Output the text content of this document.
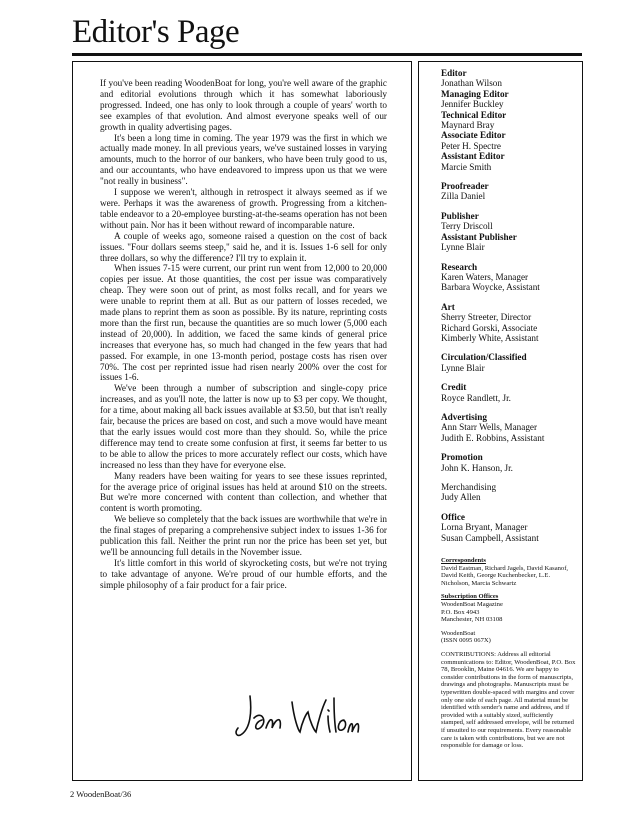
Editor's Page

If you've been reading WoodenBoat for long, you're well aware of the graphic and editorial evolutions through which it has somewhat laboriously progressed. Indeed, one has only to look through a couple of years' worth to see examples of that evolution. And almost everyone speaks well of our growth in quality advertising pages.

It's been a long time in coming. The year 1979 was the first in which we actually made money. In all previous years, we've sustained losses in varying amounts, much to the horror of our bankers, who have been truly good to us, and our accountants, who have endeavored to impress upon us that we were "not really in business".

I suppose we weren't, although in retrospect it always seemed as if we were. Perhaps it was the awareness of growth. Progressing from a kitchen-table endeavor to a 20-employee bursting-at-the-seams operation has not been without pain. Nor has it been without reward of incomparable nature.

A couple of weeks ago, someone raised a question on the cost of back issues. "Four dollars seems steep," said he, and it is. Issues 1-6 sell for only three dollars, so why the difference? I'll try to explain it.

When issues 7-15 were current, our print run went from 12,000 to 20,000 copies per issue. At those quantities, the cost per issue was comparatively cheap. They were soon out of print, as most folks recall, and for years we were unable to reprint them at all. But as our pattern of losses receded, we made plans to reprint them as soon as possible. By its nature, reprinting costs more than the first run, because the quantities are so much lower (5,000 each instead of 20,000). In addition, we faced the same kinds of general price increases that everyone has, so much had changed in the few years that had passed. For example, in one 13-month period, postage costs has risen over 70%. The cost per reprinted issue had risen nearly 200% over the cost for issues 1-6.

We've been through a number of subscription and single-copy price increases, and as you'll note, the latter is now up to $3 per copy. We thought, for a time, about making all back issues available at $3.50, but that isn't really fair, because the prices are based on cost, and such a move would have meant that the early issues would cost more than they should. So, while the price difference may tend to create some confusion at first, it seems far better to us to be able to allow the prices to more accurately reflect our costs, which have increased no less than they have for everyone else.

Many readers have been waiting for years to see these issues reprinted, for the average price of original issues has held at around $10 on the streets. But we're more concerned with content than collection, and whether that content is worth promoting.

We believe so completely that the back issues are worthwhile that we're in the final stages of preparing a comprehensive subject index to issues 1-36 for publication this fall. Neither the print run nor the price has been set yet, but we'll be announcing full details in the November issue.

It's little comfort in this world of skyrocketing costs, but we're not trying to take advantage of anyone. We're proud of our humble efforts, and the simple philosophy of a fair product for a fair price.

Editor
Jonathan Wilson
Managing Editor
Jennifer Buckley
Technical Editor
Maynard Bray
Associate Editor
Peter H. Spectre
Assistant Editor
Marcie Smith
Proofreader
Zilla Daniel
Publisher
Terry Driscoll
Assistant Publisher
Lynne Blair
Research
Karen Waters, Manager
Barbara Woycke, Assistant
Art
Sherry Streeter, Director
Richard Gorski, Associate
Kimberly White, Assistant
Circulation/Classified
Lynne Blair
Credit
Royce Randlett, Jr.
Advertising
Ann Starr Wells, Manager
Judith E. Robbins, Assistant
Promotion
John K. Hanson, Jr.
Merchandising
Judy Allen
Office
Lorna Bryant, Manager
Susan Campbell, Assistant
Correspondents
David Eastman, Richard Jagels, David Kasanof, David Keith, George Kuchenbecker, L.E. Nicholson, Marcia Schwartz
Subscription Offices
WoodenBoat Magazine
P.O. Box 4943
Manchester, NH 03108
WoodenBoat
(ISSN 0095 067X)
CONTRIBUTIONS: Address all editorial communications to: Editor, WoodenBoat, P.O. Box 78, Brooklin, Maine 04616. We are happy to consider contributions in the form of manuscripts, drawings and photographs. Manuscripts must be typewritten double-spaced with margins and cover only one side of each page. All material must be identified with sender's name and address, and if provided with a suitably sized, sufficiently stamped, self addressed envelope, will be returned if unsuited to our requirements. Every reasonable care is taken with contributions, but we are not responsible for damage or loss.
2 WoodenBoat/36
